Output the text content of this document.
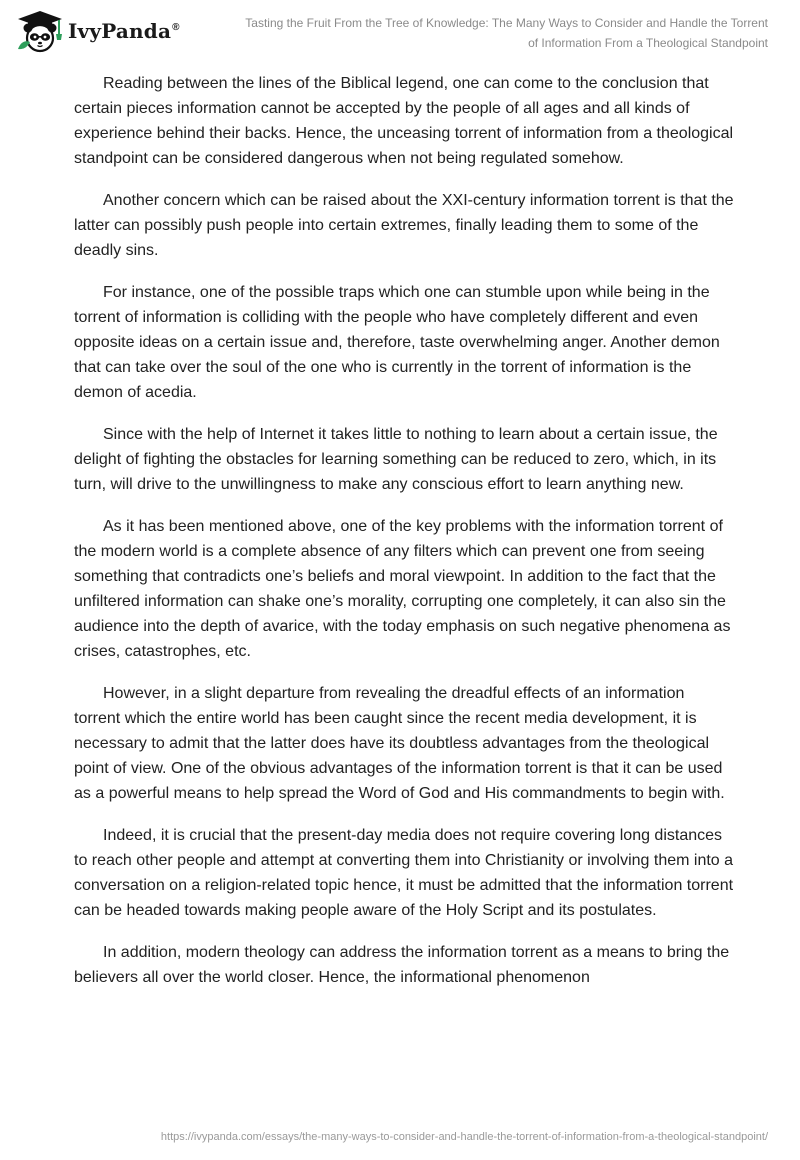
IvyPanda®	Tasting the Fruit From the Tree of Knowledge: The Many Ways to Consider and Handle the Torrent
of Information From a Theological Standpoint

Reading between the lines of the Biblical legend, one can come to the conclusion that certain pieces information cannot be accepted by the people of all ages and all kinds of experience behind their backs. Hence, the unceasing torrent of information from a theological standpoint can be considered dangerous when not being regulated somehow.

Another concern which can be raised about the XXI-century information torrent is that the latter can possibly push people into certain extremes, finally leading them to some of the deadly sins.

For instance, one of the possible traps which one can stumble upon while being in the torrent of information is colliding with the people who have completely different and even opposite ideas on a certain issue and, therefore, taste overwhelming anger. Another demon that can take over the soul of the one who is currently in the torrent of information is the demon of acedia.

Since with the help of Internet it takes little to nothing to learn about a certain issue, the delight of fighting the obstacles for learning something can be reduced to zero, which, in its turn, will drive to the unwillingness to make any conscious effort to learn anything new.

As it has been mentioned above, one of the key problems with the information torrent of the modern world is a complete absence of any filters which can prevent one from seeing something that contradicts one’s beliefs and moral viewpoint. In addition to the fact that the unfiltered information can shake one’s morality, corrupting one completely, it can also sin the audience into the depth of avarice, with the today emphasis on such negative phenomena as crises, catastrophes, etc.

However, in a slight departure from revealing the dreadful effects of an information torrent which the entire world has been caught since the recent media development, it is necessary to admit that the latter does have its doubtless advantages from the theological point of view. One of the obvious advantages of the information torrent is that it can be used as a powerful means to help spread the Word of God and His commandments to begin with.

Indeed, it is crucial that the present-day media does not require covering long distances to reach other people and attempt at converting them into Christianity or involving them into a conversation on a religion-related topic hence, it must be admitted that the information torrent can be headed towards making people aware of the Holy Script and its postulates.

In addition, modern theology can address the information torrent as a means to bring the believers all over the world closer. Hence, the informational phenomenon

https://ivypanda.com/essays/the-many-ways-to-consider-and-handle-the-torrent-of-information-from-a-theological-standpoint/
